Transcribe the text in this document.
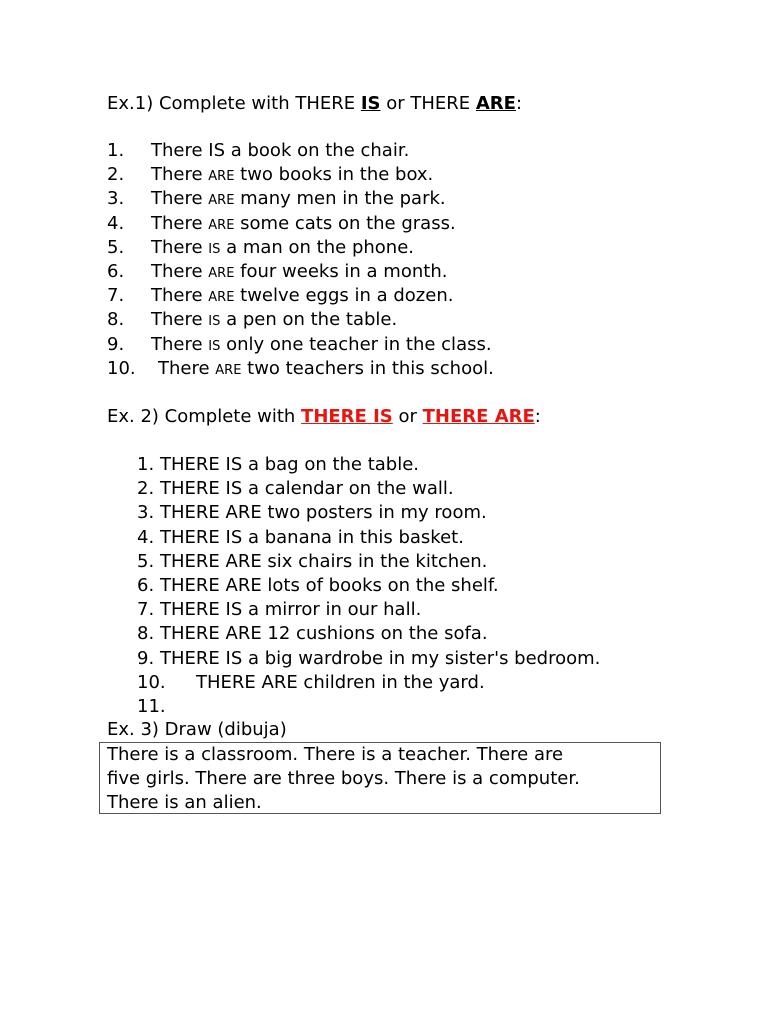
Ex.1) Complete with THERE IS or THERE ARE:
1. There IS a book on the chair.
2. There ARE two books in the box.
3. There ARE many men in the park.
4. There ARE some cats on the grass.
5. There IS a man on the phone.
6. There ARE four weeks in a month.
7. There ARE twelve eggs in a dozen.
8. There IS a pen on the table.
9. There IS only one teacher in the class.
10. There ARE two teachers in this school.
Ex. 2) Complete with THERE IS or THERE ARE:
1. THERE IS a bag on the table.
2. THERE IS a calendar on the wall.
3. THERE ARE two posters in my room.
4. THERE IS a banana in this basket.
5. THERE ARE six chairs in the kitchen.
6. THERE ARE lots of books on the shelf.
7. THERE IS a mirror in our hall.
8. THERE ARE 12 cushions on the sofa.
9. THERE IS a big wardrobe in my sister's bedroom.
10. THERE ARE children in the yard.
11.
Ex. 3) Draw (dibuja)
There is a classroom. There is a teacher. There are
five girls. There are three boys. There is a computer.
There is an alien.
